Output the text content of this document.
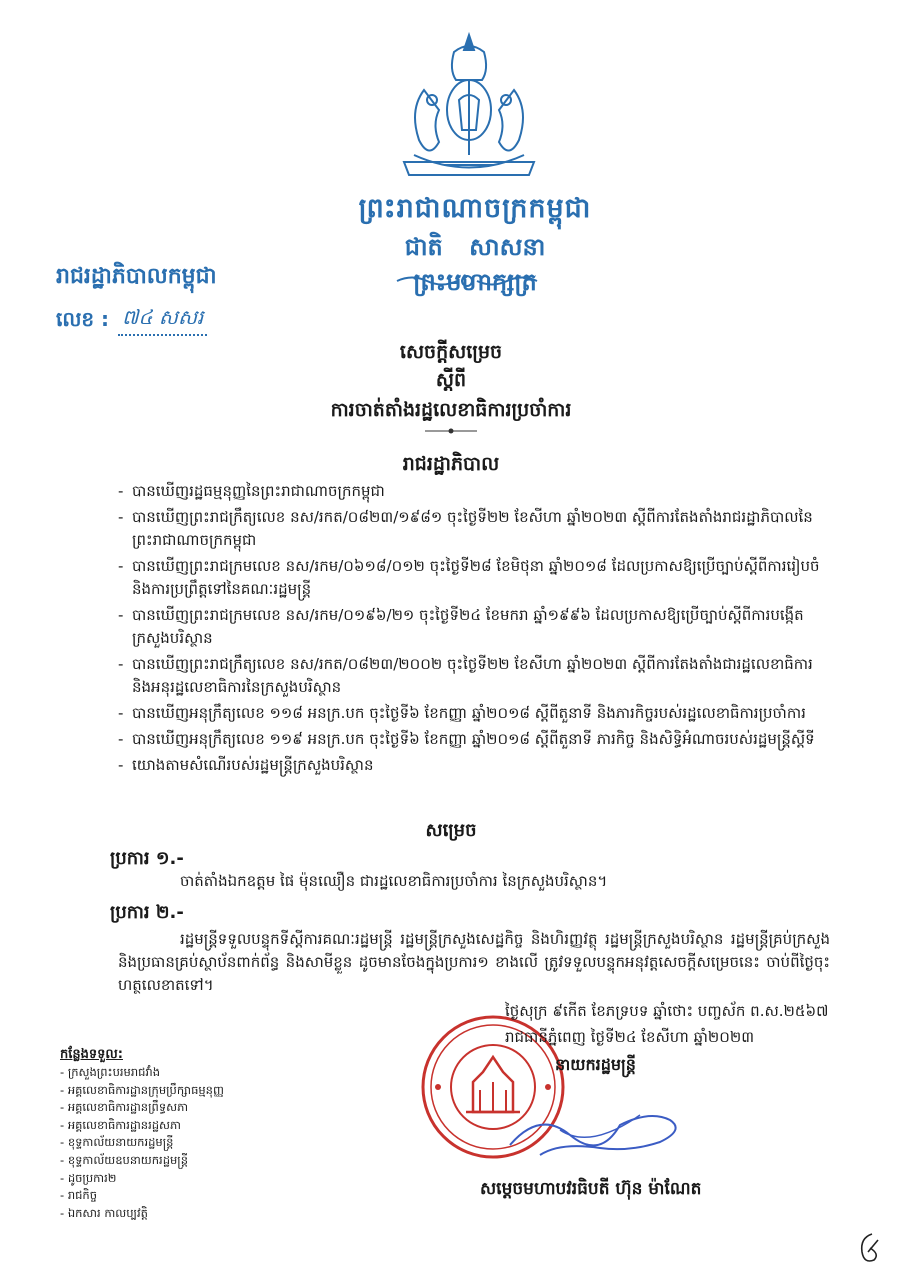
ព្រះរាជាណាចក្រកម្ពុជា
ជាតិ សាសនា ព្រះមហាក្សត្រ
រាជរដ្ឋាភិបាលកម្ពុជា
លេខ : ៧៤ សសរ
សេចក្តីសម្រេច
ស្តីពី
ការចាត់តាំងរដ្ឋលេខាធិការប្រចាំការ
រាជរដ្ឋាភិបាល
- បានឃើញរដ្ឋធម្មនុញ្ញនៃព្រះរាជាណាចក្រកម្ពុជា
- បានឃើញព្រះរាជក្រឹត្យលេខ នស/រកត/០៨២៣/១៩៨១ ចុះថ្ងៃទី២២ ខែសីហា ឆ្នាំ២០២៣ ស្តីពីការតែងតាំងរាជរដ្ឋាភិបាលនៃព្រះរាជាណាចក្រកម្ពុជា
- បានឃើញព្រះរាជក្រមលេខ នស/រកម/០៦១៨/០១២ ចុះថ្ងៃទី២៨ ខែមិថុនា ឆ្នាំ២០១៨ ដែលប្រកាសឱ្យប្រើច្បាប់ស្តីពីការរៀបចំ និងការប្រព្រឹត្តទៅនៃគណៈរដ្ឋមន្ត្រី
- បានឃើញព្រះរាជក្រមលេខ នស/រកម/០១៩៦/២១ ចុះថ្ងៃទី២៤ ខែមករា ឆ្នាំ១៩៩៦ ដែលប្រកាសឱ្យប្រើច្បាប់ស្តីពីការបង្កើតក្រសួងបរិស្ថាន
- បានឃើញព្រះរាជក្រឹត្យលេខ នស/រកត/០៨២៣/២០០២ ចុះថ្ងៃទី២២ ខែសីហា ឆ្នាំ២០២៣ ស្តីពីការតែងតាំងជារដ្ឋលេខាធិការ និងអនុរដ្ឋលេខាធិការនៃក្រសួងបរិស្ថាន
- បានឃើញអនុក្រឹត្យលេខ ១១៨ អនក្រ.បក ចុះថ្ងៃទី៦ ខែកញ្ញា ឆ្នាំ២០១៨ ស្តីពីតួនាទី និងភារកិច្ចរបស់រដ្ឋលេខាធិការប្រចាំការ
- បានឃើញអនុក្រឹត្យលេខ ១១៩ អនក្រ.បក ចុះថ្ងៃទី៦ ខែកញ្ញា ឆ្នាំ២០១៨ ស្តីពីតួនាទី ភារកិច្ច និងសិទ្ធិអំណាចរបស់រដ្ឋមន្ត្រីស្តីទី
- យោងតាមសំណើរបស់រដ្ឋមន្ត្រីក្រសួងបរិស្ថាន
សម្រេច
ប្រការ ១.-
ចាត់តាំងឯកឧត្តម ផៃ ម៉ុនឈឿន ជារដ្ឋលេខាធិការប្រចាំការ នៃក្រសួងបរិស្ថាន។
ប្រការ ២.-
រដ្ឋមន្ត្រីទទួលបន្ទុកទីស្តីការគណៈរដ្ឋមន្ត្រី រដ្ឋមន្ត្រីក្រសួងសេដ្ឋកិច្ច និងហិរញ្ញវត្ថុ រដ្ឋមន្ត្រីក្រសួងបរិស្ថាន រដ្ឋមន្ត្រីគ្រប់ក្រសួង និងប្រធានគ្រប់ស្ថាប័នពាក់ព័ន្ធ និងសាមីខ្លួន ដូចមានចែងក្នុងប្រការ១ ខាងលើ ត្រូវទទួលបន្ទុកអនុវត្តសេចក្តីសម្រេចនេះ ចាប់ពីថ្ងៃចុះហត្ថលេខាតទៅ។
ថ្ងៃសុក្រ ៩កើត ខែភទ្របទ ឆ្នាំថោះ បញ្ចស័ក ព.ស.២៥៦៧
រាជធានីភ្នំពេញ ថ្ងៃទី២៤ ខែសីហា ឆ្នាំ២០២៣
នាយករដ្ឋមន្ត្រី
សម្តេចមហាបវរធិបតី ហ៊ុន ម៉ាណែត
កន្លែងទទួល:
- ក្រសួងព្រះបរមរាជវាំង
- អគ្គលេខាធិការដ្ឋានក្រុមប្រឹក្សាធម្មនុញ្ញ
- អគ្គលេខាធិការដ្ឋានព្រឹទ្ធសភា
- អគ្គលេខាធិការដ្ឋានរដ្ឋសភា
- ខុទ្ទកាល័យនាយករដ្ឋមន្ត្រី
- ខុទ្ទកាល័យឧបនាយករដ្ឋមន្ត្រី
- ដូចប្រការ២
- រាជកិច្ច
- ឯកសារ កាលប្បវត្តិ
